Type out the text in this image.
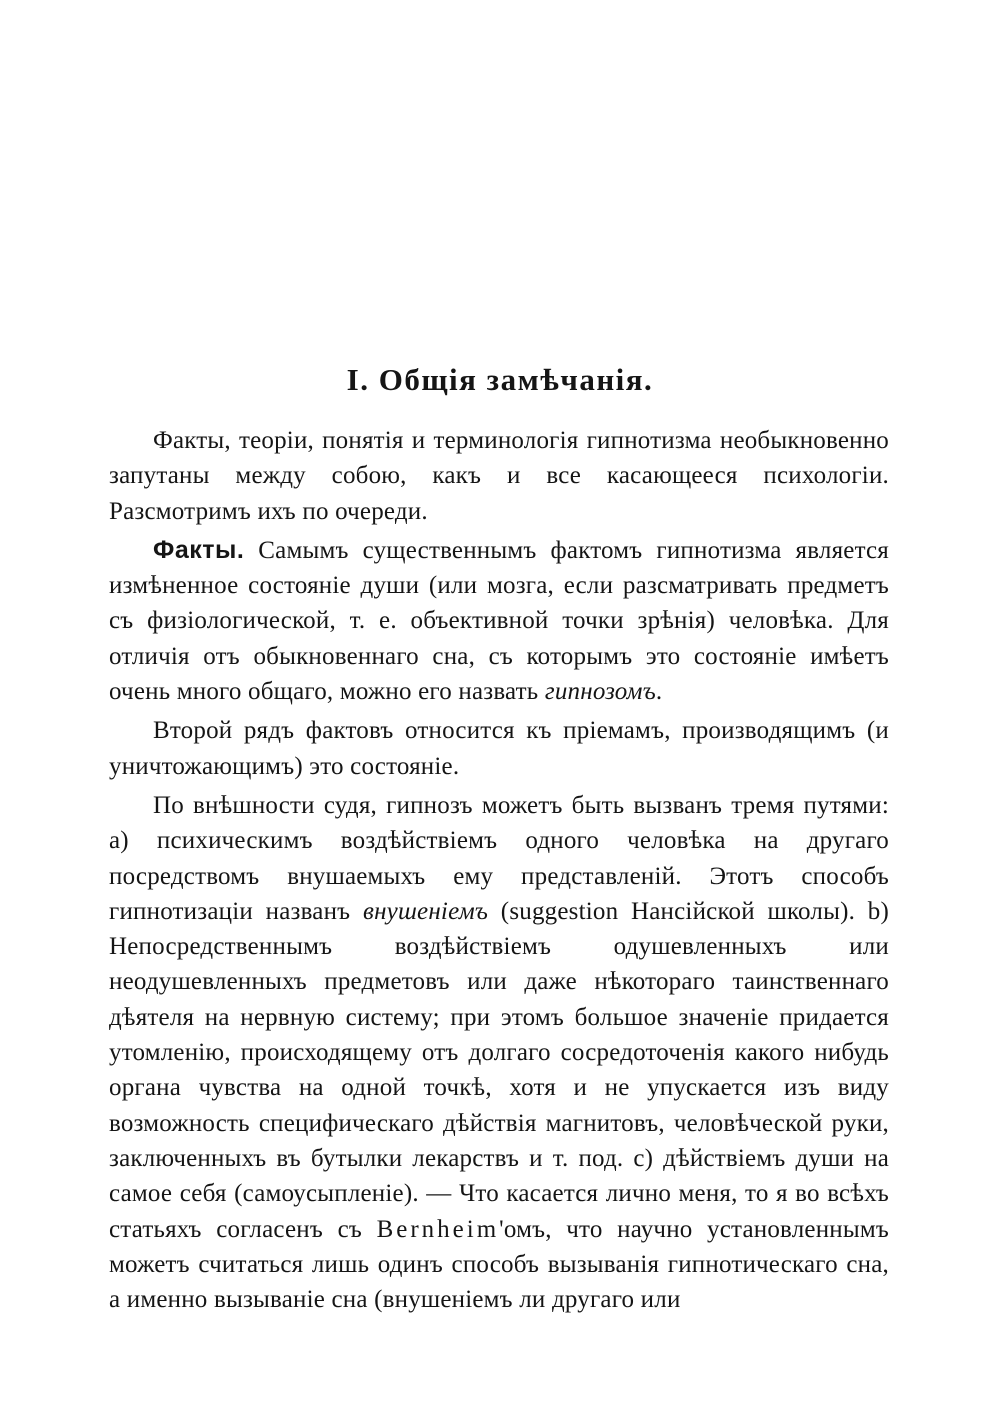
I. Общія замѣчанія.

Факты, теоріи, понятія и терминологія гипнотизма необыкновенно запутаны между собою, какъ и все касающееся психологіи. Разсмотримъ ихъ по очереди.

Факты. Самымъ существеннымъ фактомъ гипнотизма является измѣненное состояніе души (или мозга, если разсматривать предметъ съ физіологической, т. е. объективной точки зрѣнія) человѣка. Для отличія отъ обыкновеннаго сна, съ которымъ это состояніе имѣетъ очень много общаго, можно его назвать гипнозомъ.

Второй рядъ фактовъ относится къ пріемамъ, производящимъ (и уничтожающимъ) это состояніе.

По внѣшности судя, гипнозъ можетъ быть вызванъ тремя путями: a) психическимъ воздѣйствіемъ одного человѣка на другаго посредствомъ внушаемыхъ ему представленій. Этотъ способъ гипнотизаціи названъ внушеніемъ (suggestion Нансійской школы). b) Непосредственнымъ воздѣйствіемъ одушевленныхъ или неодушевленныхъ предметовъ или даже нѣкотораго таинственнаго дѣятеля на нервную систему; при этомъ большое значеніе придается утомленію, происходящему отъ долгаго сосредоточенія какого нибудь органа чувства на одной точкѣ, хотя и не упускается изъ виду возможность специфическаго дѣйствія магнитовъ, человѣческой руки, заключенныхъ въ бутылки лекарствъ и т. под. c) дѣйствіемъ души на самое себя (самоусыпленіе). — Что касается лично меня, то я во всѣхъ статьяхъ согласенъ съ Bernheim'омъ, что научно установленнымъ можетъ считаться лишь одинъ способъ вызыванія гипнотическаго сна, а именно вызываніе сна (внушеніемъ ли другаго или
